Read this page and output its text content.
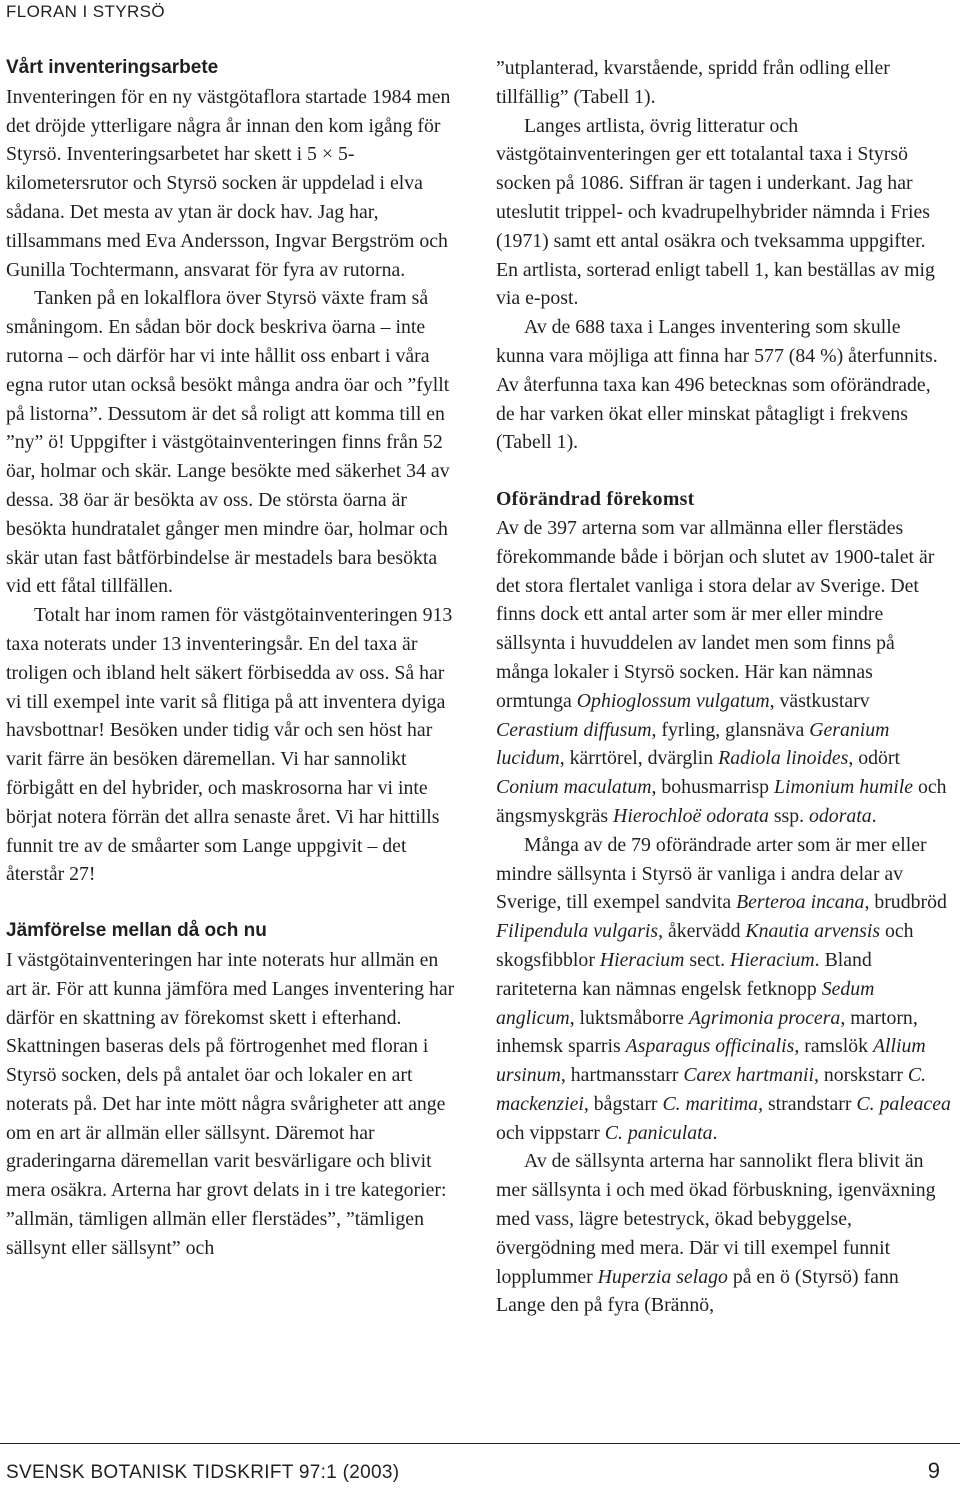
FLORAN I STYRSÖ
Vårt inventeringsarbete

Inventeringen för en ny västgötaflora startade 1984 men det dröjde ytterligare några år innan den kom igång för Styrsö. Inventeringsarbetet har skett i 5 × 5-kilometersrutor och Styrsö socken är uppdelad i elva sådana. Det mesta av ytan är dock hav. Jag har, tillsammans med Eva Andersson, Ingvar Bergström och Gunilla Tochtermann, ansvarat för fyra av rutorna.

Tanken på en lokalflora över Styrsö växte fram så småningom. En sådan bör dock beskriva öarna – inte rutorna – och därför har vi inte hållit oss enbart i våra egna rutor utan också besökt många andra öar och ”fyllt på listorna”. Dessutom är det så roligt att komma till en ”ny” ö! Uppgifter i västgötainventeringen finns från 52 öar, holmar och skär. Lange besökte med säkerhet 34 av dessa. 38 öar är besökta av oss. De största öarna är besökta hundratalet gånger men mindre öar, holmar och skär utan fast båtförbindelse är mestadels bara besökta vid ett fåtal tillfällen.

Totalt har inom ramen för västgötainventeringen 913 taxa noterats under 13 inventeringsår. En del taxa är troligen och ibland helt säkert förbisedda av oss. Så har vi till exempel inte varit så flitiga på att inventera dyiga havsbottnar! Besöken under tidig vår och sen höst har varit färre än besöken däremellan. Vi har sannolikt förbigått en del hybrider, och maskrosorna har vi inte börjat notera förrän det allra senaste året. Vi har hittills funnit tre av de småarter som Lange uppgivit – det återstår 27!

Jämförelse mellan då och nu

I västgötainventeringen har inte noterats hur allmän en art är. För att kunna jämföra med Langes inventering har därför en skattning av förekomst skett i efterhand. Skattningen baseras dels på förtrogenhet med floran i Styrsö socken, dels på antalet öar och lokaler en art noterats på. Det har inte mött några svårigheter att ange om en art är allmän eller sällsynt. Däremot har graderingarna däremellan varit besvärligare och blivit mera osäkra. Arterna har grovt delats in i tre kategorier: ”allmän, tämligen allmän eller flerstädes”, ”tämligen sällsynt eller sällsynt” och

”utplanterad, kvarstående, spridd från odling eller tillfällig” (Tabell 1).

Langes artlista, övrig litteratur och västgötainventeringen ger ett totalantal taxa i Styrsö socken på 1086. Siffran är tagen i underkant. Jag har uteslutit trippel- och kvadrupelhybrider nämnda i Fries (1971) samt ett antal osäkra och tveksamma uppgifter. En artlista, sorterad enligt tabell 1, kan beställas av mig via e-post.

Av de 688 taxa i Langes inventering som skulle kunna vara möjliga att finna har 577 (84 %) återfunnits. Av återfunna taxa kan 496 betecknas som oförändrade, de har varken ökat eller minskat påtagligt i frekvens (Tabell 1).

Oförändrad förekomst

Av de 397 arterna som var allmänna eller flerstädes förekommande både i början och slutet av 1900-talet är det stora flertalet vanliga i stora delar av Sverige. Det finns dock ett antal arter som är mer eller mindre sällsynta i huvuddelen av landet men som finns på många lokaler i Styrsö socken. Här kan nämnas ormtunga Ophioglossum vulgatum, västkustarv Cerastium diffusum, fyrling, glansnäva Geranium lucidum, kärrtörel, dvärglin Radiola linoides, odört Conium maculatum, bohusmarrisp Limonium humile och ängsmyskgräs Hierochloë odorata ssp. odorata.

Många av de 79 oförändrade arter som är mer eller mindre sällsynta i Styrsö är vanliga i andra delar av Sverige, till exempel sandvita Berteroa incana, brudbröd Filipendula vulgaris, åkervädd Knautia arvensis och skogsfibblor Hieracium sect. Hieracium. Bland rariteterna kan nämnas engelsk fetknopp Sedum anglicum, luktsmåborre Agrimonia procera, martorn, inhemsk sparris Asparagus officinalis, ramslök Allium ursinum, hartmansstarr Carex hartmanii, norskstarr C. mackenziei, bågstarr C. maritima, strandstarr C. paleacea och vippstarr C. paniculata.

Av de sällsynta arterna har sannolikt flera blivit än mer sällsynta i och med ökad förbuskning, igenväxning med vass, lägre betestryck, ökad bebyggelse, övergödning med mera. Där vi till exempel funnit lopplummer Huperzia selago på en ö (Styrsö) fann Lange den på fyra (Brännö,

SVENSK BOTANISK TIDSKRIFT 97:1 (2003)	9
